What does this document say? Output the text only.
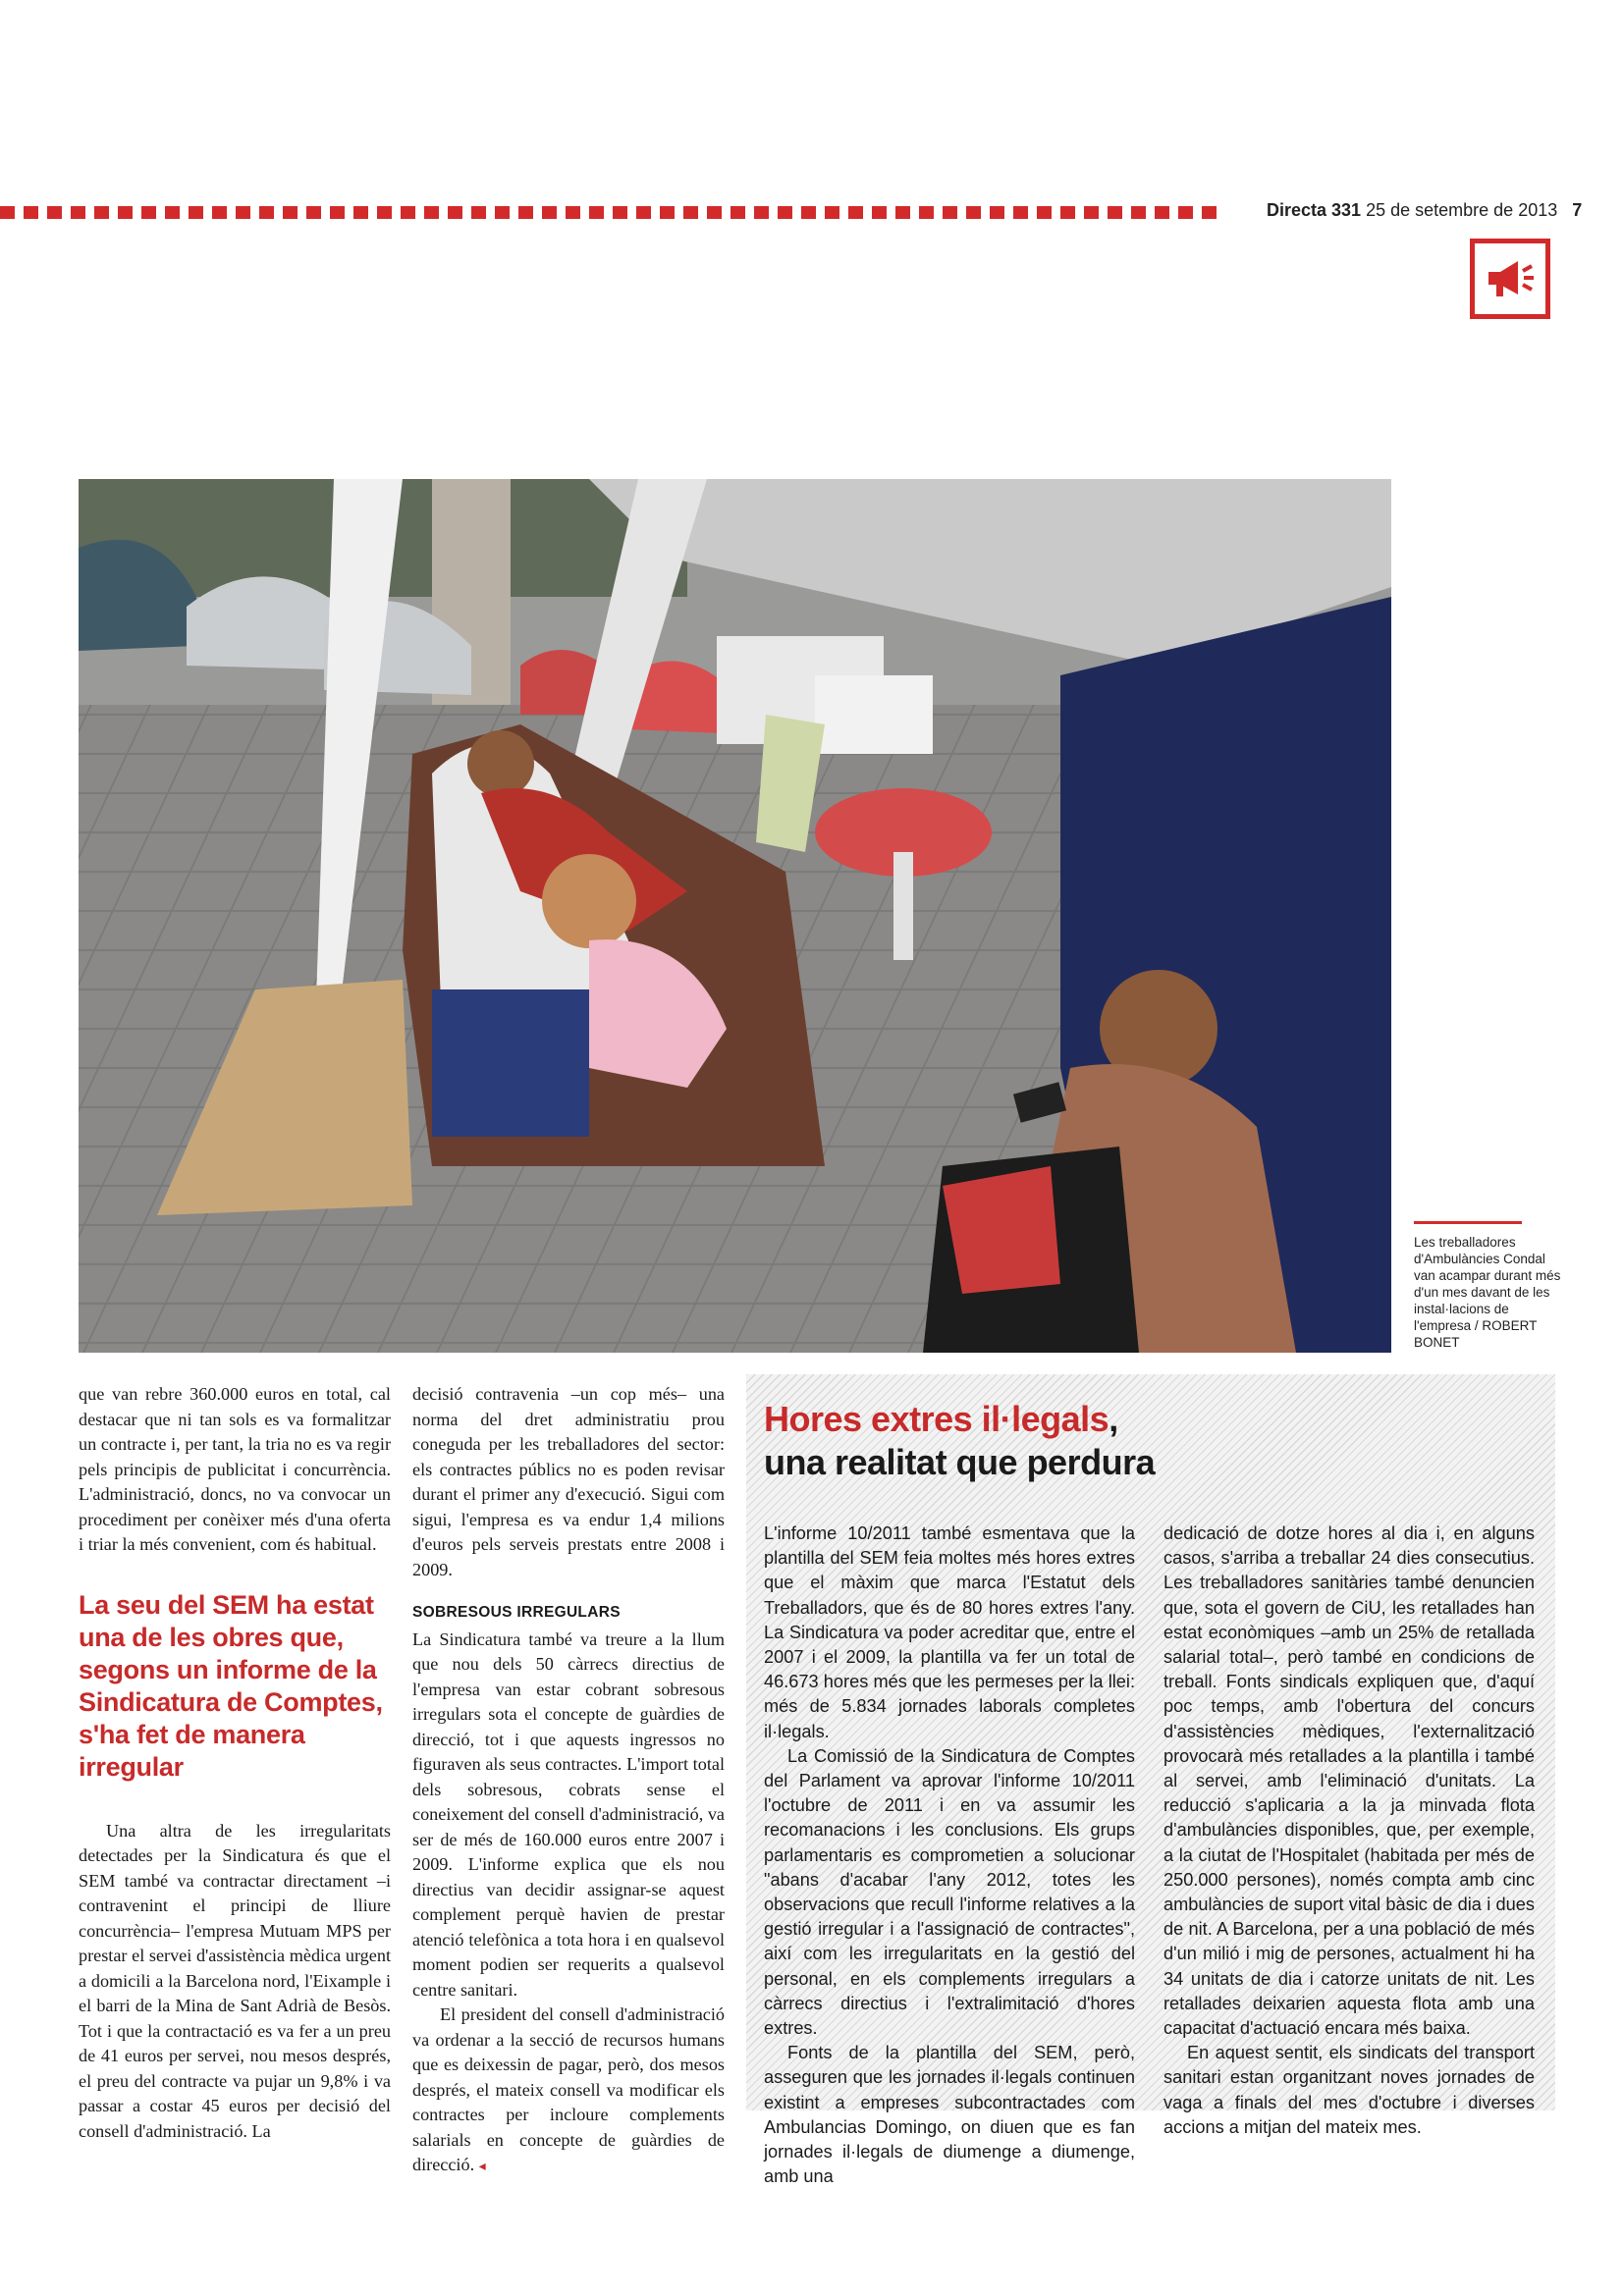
Directa 331 25 de setembre de 2013 7
Les treballadores d'Ambulàncies Condal van acampar durant més d'un mes davant de les instal·lacions de l'empresa / ROBERT BONET

que van rebre 360.000 euros en total, cal destacar que ni tan sols es va formalitzar un contracte i, per tant, la tria no es va regir pels principis de publicitat i concurrència. L'administració, doncs, no va convocar un procediment per conèixer més d'una oferta i triar la més convenient, com és habitual.

La seu del SEM ha estat una de les obres que, segons un informe de la Sindicatura de Comptes, s'ha fet de manera irregular

Una altra de les irregularitats detectades per la Sindicatura és que el SEM també va contractar directament –i contravenint el principi de lliure concurrència– l'empresa Mutuam MPS per prestar el servei d'assistència mèdica urgent a domicili a la Barcelona nord, l'Eixample i el barri de la Mina de Sant Adrià de Besòs. Tot i que la contractació es va fer a un preu de 41 euros per servei, nou mesos després, el preu del contracte va pujar un 9,8% i va passar a costar 45 euros per decisió del consell d'administració. La

decisió contravenia –un cop més– una norma del dret administratiu prou coneguda per les treballadores del sector: els contractes públics no es poden revisar durant el primer any d'execució. Sigui com sigui, l'empresa es va endur 1,4 milions d'euros pels serveis prestats entre 2008 i 2009.

SOBRESOUS IRREGULARS

La Sindicatura també va treure a la llum que nou dels 50 càrrecs directius de l'empresa van estar cobrant sobresous irregulars sota el concepte de guàrdies de direcció, tot i que aquests ingressos no figuraven als seus contractes. L'import total dels sobresous, cobrats sense el coneixement del consell d'administració, va ser de més de 160.000 euros entre 2007 i 2009. L'informe explica que els nou directius van decidir assignar-se aquest complement perquè havien de prestar atenció telefònica a tota hora i en qualsevol moment podien ser requerits a qualsevol centre sanitari.

El president del consell d'administració va ordenar a la secció de recursos humans que es deixessin de pagar, però, dos mesos després, el mateix consell va modificar els contractes per incloure complements salarials en concepte de guàrdies de direcció. ◂

Hores extres il·legals,
una realitat que perdura

L'informe 10/2011 també esmentava que la plantilla del SEM feia moltes més hores extres que el màxim que marca l'Estatut dels Treballadors, que és de 80 hores extres l'any. La Sindicatura va poder acreditar que, entre el 2007 i el 2009, la plantilla va fer un total de 46.673 hores més que les permeses per la llei: més de 5.834 jornades laborals completes il·legals.

La Comissió de la Sindicatura de Comptes del Parlament va aprovar l'informe 10/2011 l'octubre de 2011 i en va assumir les recomanacions i les conclusions. Els grups parlamentaris es comprometien a solucionar "abans d'acabar l'any 2012, totes les observacions que recull l'informe relatives a la gestió irregular i a l'assignació de contractes", així com les irregularitats en la gestió del personal, en els complements irregulars a càrrecs directius i l'extralimitació d'hores extres.

Fonts de la plantilla del SEM, però, asseguren que les jornades il·legals continuen existint a empreses subcontractades com Ambulancias Domingo, on diuen que es fan jornades il·legals de diumenge a diumenge, amb una

dedicació de dotze hores al dia i, en alguns casos, s'arriba a treballar 24 dies consecutius. Les treballadores sanitàries també denuncien que, sota el govern de CiU, les retallades han estat econòmiques –amb un 25% de retallada salarial total–, però també en condicions de treball. Fonts sindicals expliquen que, d'aquí poc temps, amb l'obertura del concurs d'assistències mèdiques, l'externalització provocarà més retallades a la plantilla i també al servei, amb l'eliminació d'unitats. La reducció s'aplicaria a la ja minvada flota d'ambulàncies disponibles, que, per exemple, a la ciutat de l'Hospitalet (habitada per més de 250.000 persones), només compta amb cinc ambulàncies de suport vital bàsic de dia i dues de nit. A Barcelona, per a una població de més d'un milió i mig de persones, actualment hi ha 34 unitats de dia i catorze unitats de nit. Les retallades deixarien aquesta flota amb una capacitat d'actuació encara més baixa.

En aquest sentit, els sindicats del transport sanitari estan organitzant noves jornades de vaga a finals del mes d'octubre i diverses accions a mitjan del mateix mes.
